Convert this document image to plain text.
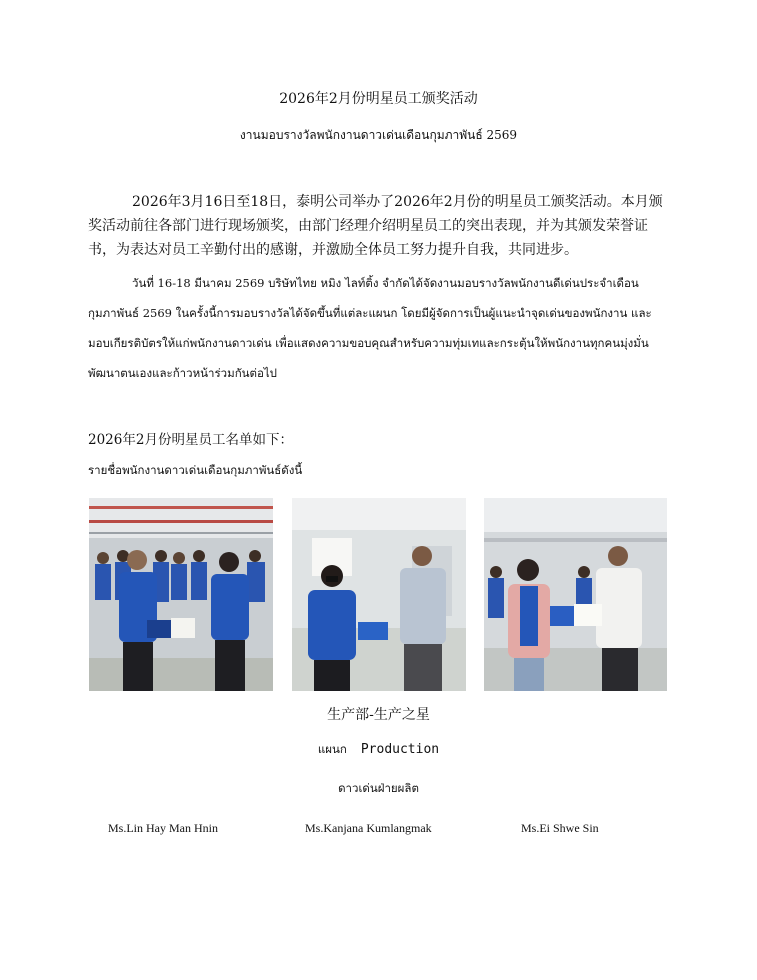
2026年2月份明星员工颁奖活动
งานมอบรางวัลพนักงานดาวเด่นเดือนกุมภาพันธ์ 2569
2026年3月16日至18日，泰明公司举办了2026年2月份的明星员工颁奖活动。本月颁奖活动前往各部门进行现场颁奖，由部门经理介绍明星员工的突出表现，并为其颁发荣誉证书，为表达对员工辛勤付出的感谢，并激励全体员工努力提升自我，共同进步。
วันที่ 16-18 มีนาคม 2569 บริษัทไทย หมิง ไลท์ติ้ง จำกัดได้จัดงานมอบรางวัลพนักงานดีเด่นประจำเดือนกุมภาพันธ์ 2569 ในครั้งนี้การมอบรางวัลได้จัดขึ้นที่แต่ละแผนก โดยมีผู้จัดการเป็นผู้แนะนำจุดเด่นของพนักงาน และมอบเกียรติบัตรให้แก่พนักงานดาวเด่น เพื่อแสดงความขอบคุณสำหรับความทุ่มเทและกระตุ้นให้พนักงานทุกคนมุ่งมั่นพัฒนาตนเองและก้าวหน้าร่วมกันต่อไป
2026年2月份明星员工名单如下：
รายชื่อพนักงานดาวเด่นเดือนกุมภาพันธ์ดังนี้
生产部-生产之星
แผนก Production
ดาวเด่นฝ่ายผลิต
Ms.Lin Hay Man Hnin	Ms.Kanjana Kumlangmak	Ms.Ei Shwe Sin
